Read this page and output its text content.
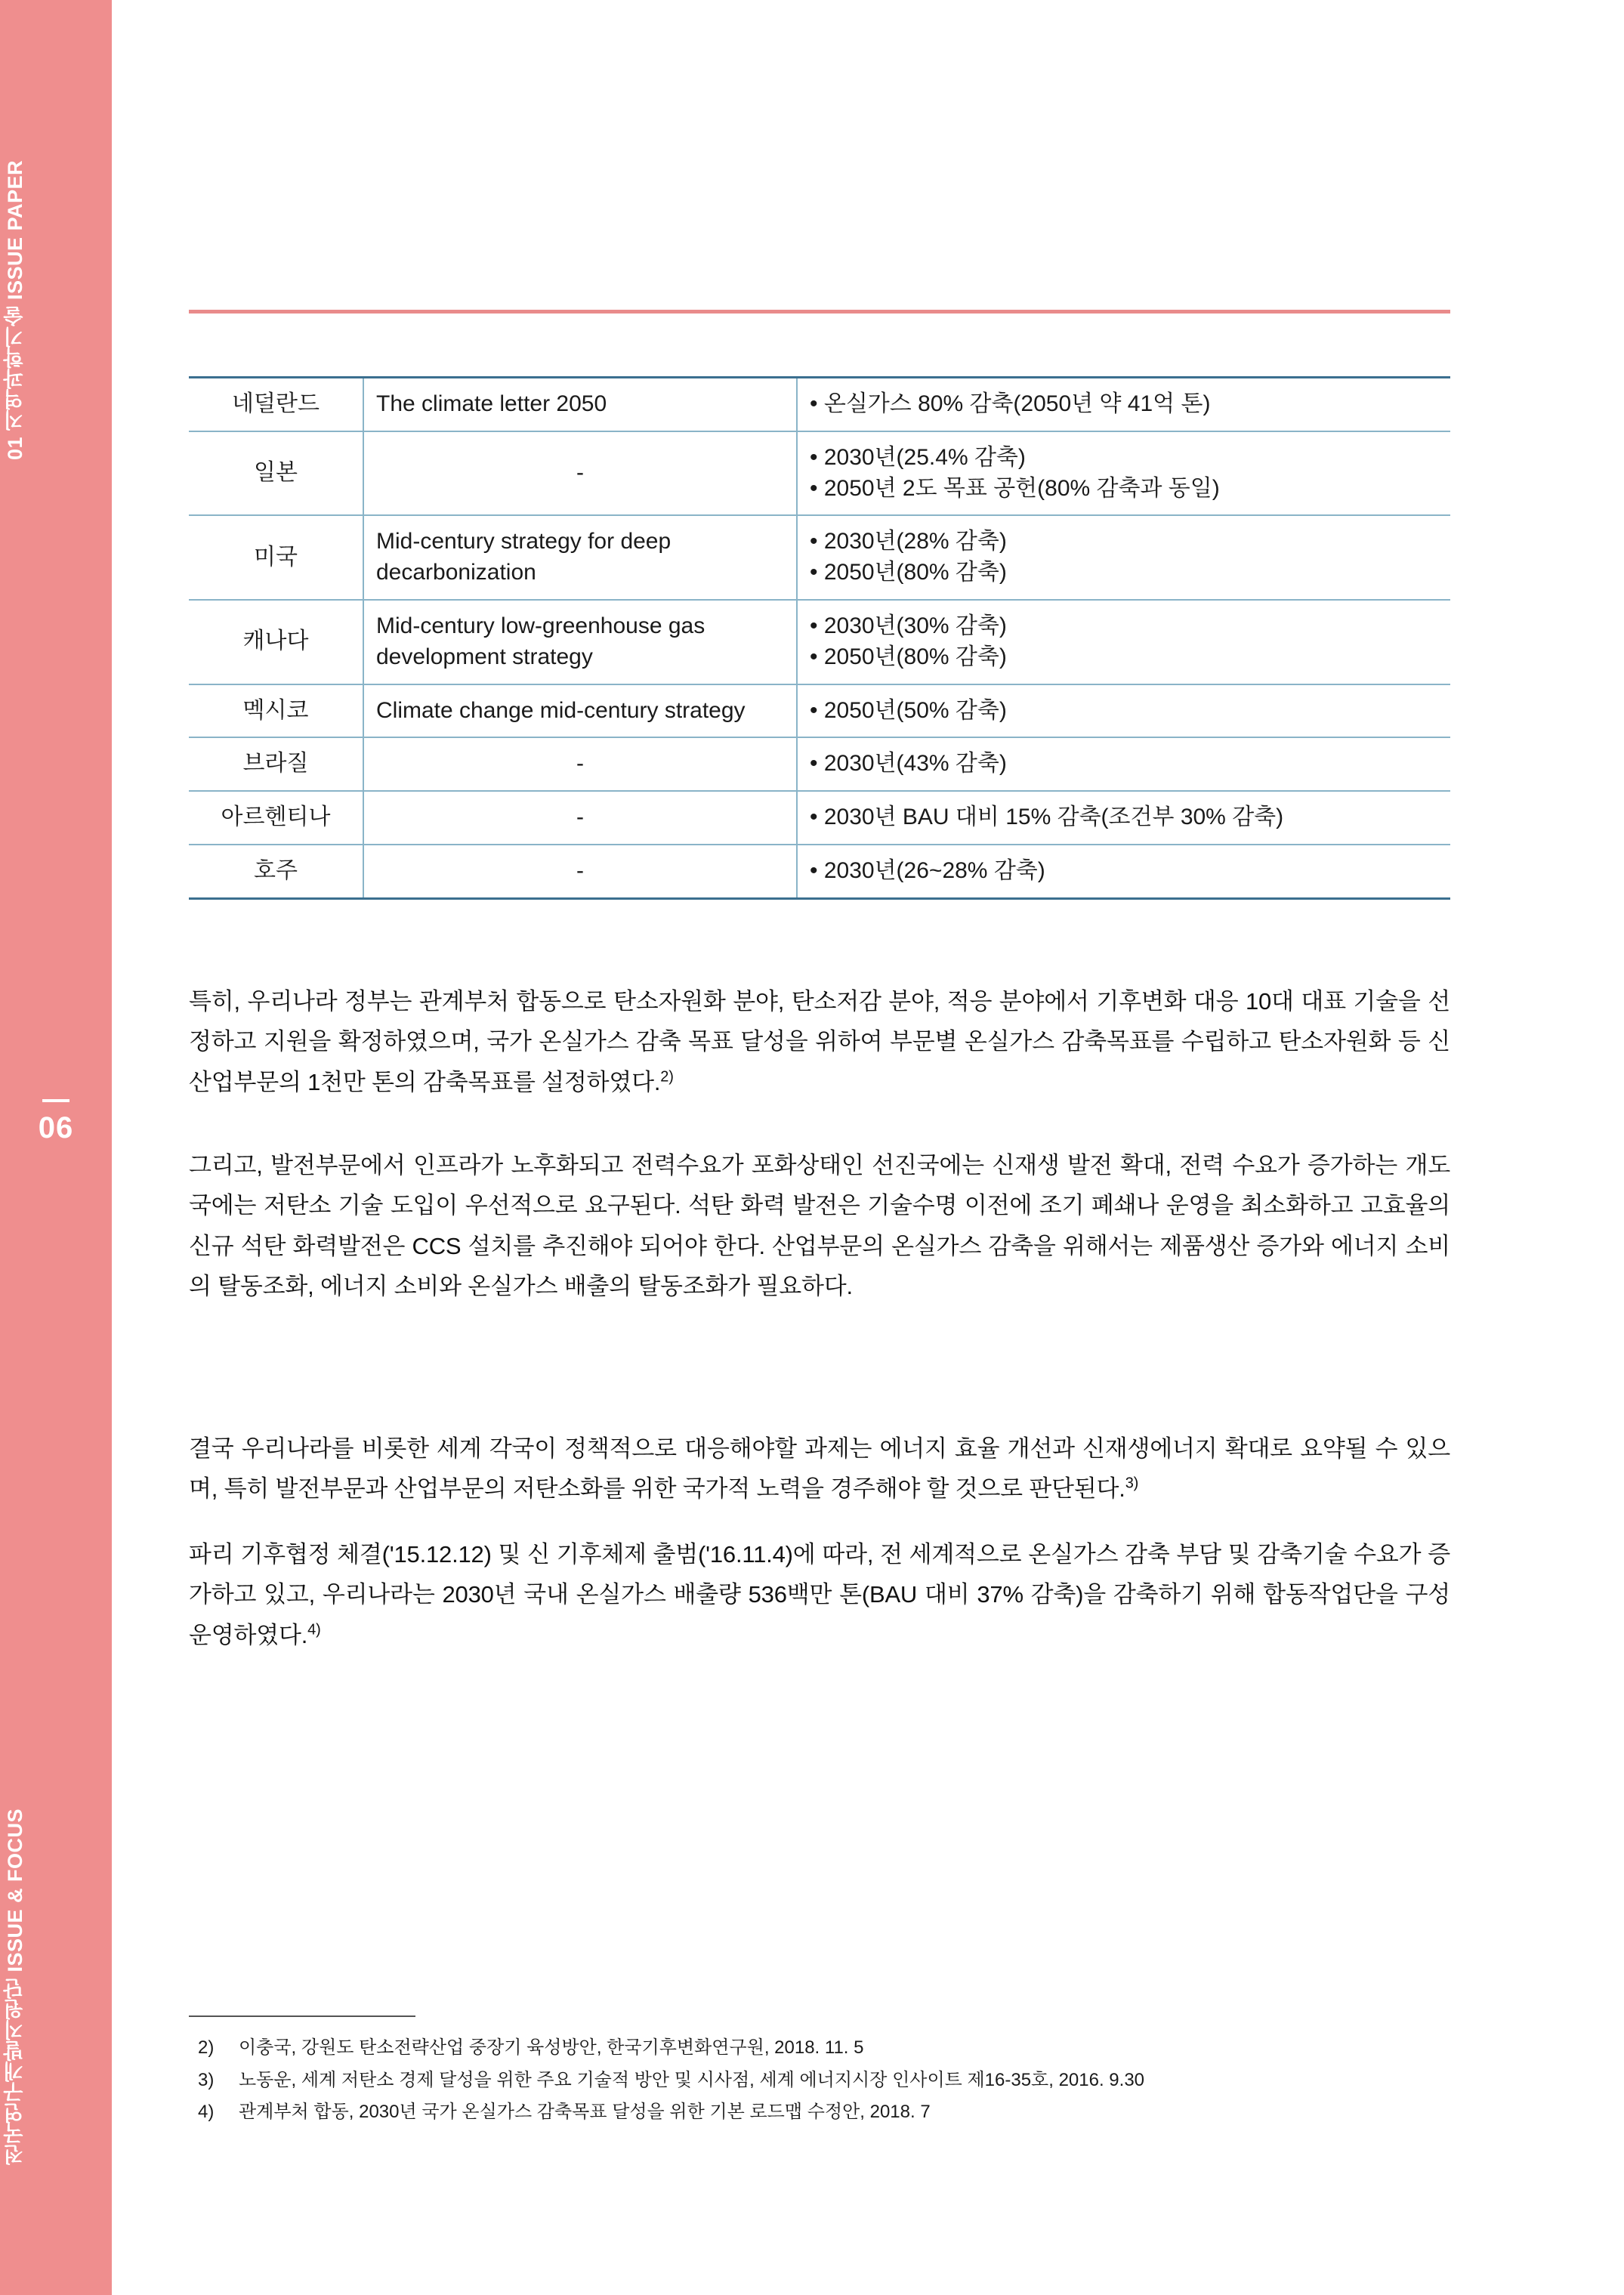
01 지역과학기술 ISSUE PAPER
06
전국연구개발지원단 ISSUE & FOCUS
네덜란드	The climate letter 2050	• 온실가스 80% 감축(2050년 약 41억 톤)

일본	-	• 2030년(25.4% 감축)
• 2050년 2도 목표 공헌(80% 감축과 동일)

미국	Mid-century strategy for deep decarbonization	• 2030년(28% 감축)
• 2050년(80% 감축)

캐나다	Mid-century low-greenhouse gas development strategy	• 2030년(30% 감축)
• 2050년(80% 감축)

멕시코	Climate change mid-century strategy	• 2050년(50% 감축)

브라질	-	• 2030년(43% 감축)

아르헨티나	-	• 2030년 BAU 대비 15% 감축(조건부 30% 감축)

호주	-	• 2030년(26~28% 감축)

특히, 우리나라 정부는 관계부처 합동으로 탄소자원화 분야, 탄소저감 분야, 적응 분야에서 기후변화 대응 10대 대표 기술을 선정하고 지원을 확정하였으며, 국가 온실가스 감축 목표 달성을 위하여 부문별 온실가스 감축목표를 수립하고 탄소자원화 등 신산업부문의 1천만 톤의 감축목표를 설정하였다.$^{2)}$

그리고, 발전부문에서 인프라가 노후화되고 전력수요가 포화상태인 선진국에는 신재생 발전 확대, 전력 수요가 증가하는 개도국에는 저탄소 기술 도입이 우선적으로 요구된다. 석탄 화력 발전은 기술수명 이전에 조기 폐쇄나 운영을 최소화하고 고효율의 신규 석탄 화력발전은 CCS 설치를 추진해야 되어야 한다. 산업부문의 온실가스 감축을 위해서는 제품생산 증가와 에너지 소비의 탈동조화, 에너지 소비와 온실가스 배출의 탈동조화가 필요하다.

결국 우리나라를 비롯한 세계 각국이 정책적으로 대응해야할 과제는 에너지 효율 개선과 신재생에너지 확대로 요약될 수 있으며, 특히 발전부문과 산업부문의 저탄소화를 위한 국가적 노력을 경주해야 할 것으로 판단된다.$^{3)}$

파리 기후협정 체결('15.12.12) 및 신 기후체제 출범('16.11.4)에 따라, 전 세계적으로 온실가스 감축 부담 및 감축기술 수요가 증가하고 있고, 우리나라는 2030년 국내 온실가스 배출량 536백만 톤(BAU 대비 37% 감축)을 감축하기 위해 합동작업단을 구성 운영하였다.$^{4)}$

2)	이충국, 강원도 탄소전략산업 중장기 육성방안, 한국기후변화연구원, 2018. 11. 5
3)	노동운, 세계 저탄소 경제 달성을 위한 주요 기술적 방안 및 시사점, 세계 에너지시장 인사이트 제16-35호, 2016. 9.30
4)	관계부처 합동, 2030년 국가 온실가스 감축목표 달성을 위한 기본 로드맵 수정안, 2018. 7
